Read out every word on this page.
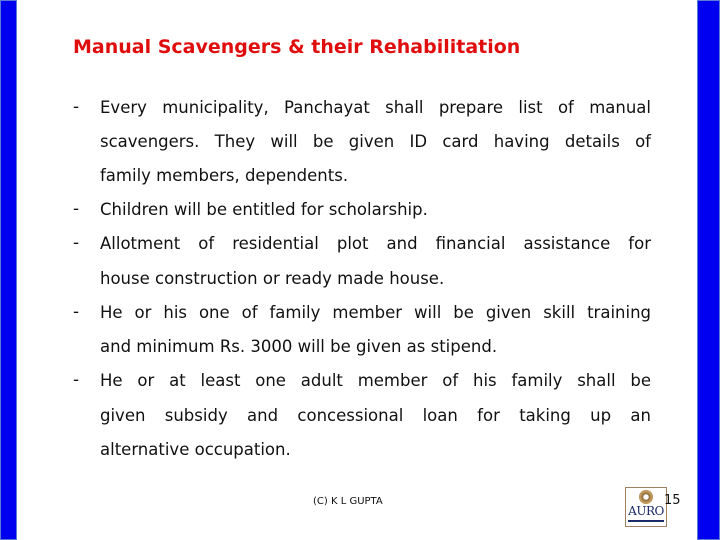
Manual Scavengers & their Rehabilitation
- Every municipality, Panchayat shall prepare list of manual
scavengers. They will be given ID card having details of
family members, dependents.
- Children will be entitled for scholarship.
- Allotment of residential plot and financial assistance for
house construction or ready made house.
- He or his one of family member will be given skill training
and minimum Rs. 3000 will be given as stipend.
- He or at least one adult member of his family shall be
given subsidy and concessional loan for taking up an
alternative occupation.
(C) K L GUPTA
AURO
15
